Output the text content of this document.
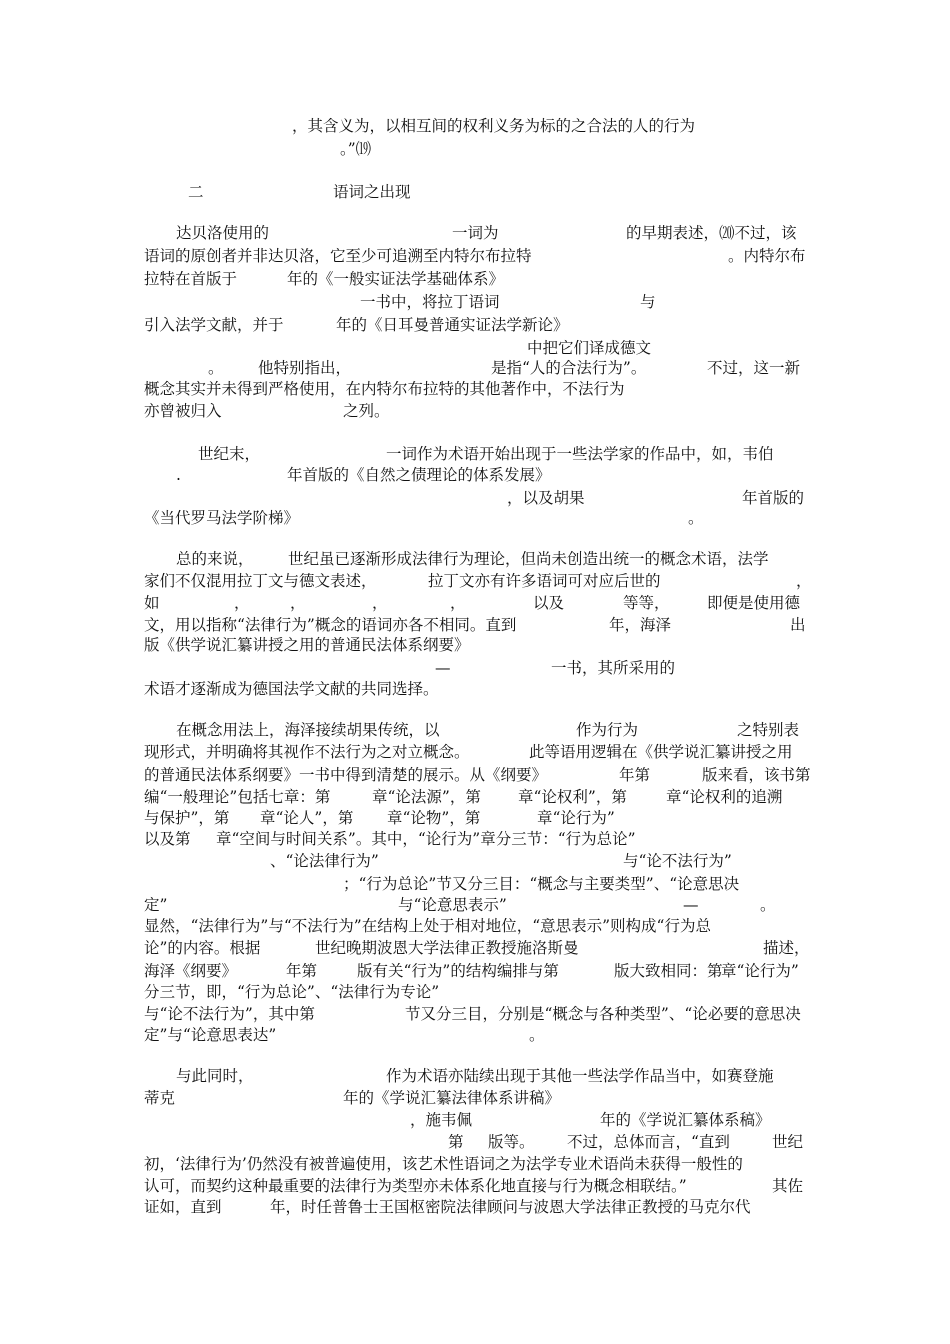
，其含义为，以相互间的权利义务为标的之合法的人的行为
。”⒆
二	语词之出现
达贝洛使用的	一词为	的早期表述，⒇不过，该
语词的原创者并非达贝洛，它至少可追溯至内特尔布拉特	。内特尔布
拉特在首版于	年的《一般实证法学基础体系》
一书中，将拉丁语词	与
引入法学文献，并于	年的《日耳曼普通实证法学新论》
中把它们译成德文
。 他特别指出，	是指“人的合法行为”。	不过，这一新
概念其实并未得到严格使用，在内特尔布拉特的其他著作中，不法行为
亦曾被归入	之列。
世纪末，	一词作为术语开始出现于一些法学家的作品中，如，韦伯
.	年首版的《自然之债理论的体系发展》
，以及胡果	年首版的
《当代罗马法学阶梯》	。
总的来说， 世纪虽已逐渐形成法律行为理论，但尚未创造出统一的概念术语，法学
家们不仅混用拉丁文与德文表述，	拉丁文亦有许多语词可对应后世的	，
如	，	，	，	，	以及	等等， 即便是使用德
文，用以指称“法律行为”概念的语词亦各不相同。直到	年，海泽	出
版《供学说汇纂讲授之用的普通民法体系纲要》
—	一书，其所采用的
术语才逐渐成为德国法学文献的共同选择。
在概念用法上，海泽接续胡果传统，以	作为行为	之特别表
现形式，并明确将其视作不法行为之对立概念。	此等语用逻辑在《供学说汇纂讲授之用
的普通民法体系纲要》一书中得到清楚的展示。从《纲要》	年第	版来看，该书第
编“一般理论”包括七章：第	章“论法源”，第 章“论权利”，第	章“论权利的追溯
与保护”，第 章“论人”，第 章“论物”，第	章“论行为”
以及第 章“空间与时间关系”。其中，“论行为”章分三节：“行为总论”
、“论法律行为”	与“论不法行为”
；“行为总论”节又分三目：“概念与主要类型”、“论意思决
定”	与“论意思表示”	—	。
显然，“法律行为”与“不法行为”在结构上处于相对地位，“意思表示”则构成“行为总
论”的内容。根据	世纪晚期波恩大学法律正教授施洛斯曼	描述，
海泽《纲要》	年第	版有关“行为”的结构编排与第	版大致相同：第
章“论行为”
分三节，即，“行为总论”、“法律行为专论”
与“论不法行为”，其中第	节又分三目，分别是“概念与各种类型”、“论必要的意思决
定”与“论意思表达”	。
与此同时，	作为术语亦陆续出现于其他一些法学作品当中，如赛登施
蒂克	年的《学说汇纂法律体系讲稿》
，施韦佩	年的《学说汇纂体系稿》
第 版等。 不过，总体而言，“直到	世纪
初，‘法律行为’仍然没有被普遍使用，该艺术性语词之为法学专业术语尚未获得一般性的
认可，而契约这种最重要的法律行为类型亦未体系化地直接与行为概念相联结。”	其佐
证如，直到	年，时任普鲁士王国枢密院法律顾问与波恩大学法律正教授的马克尔代
